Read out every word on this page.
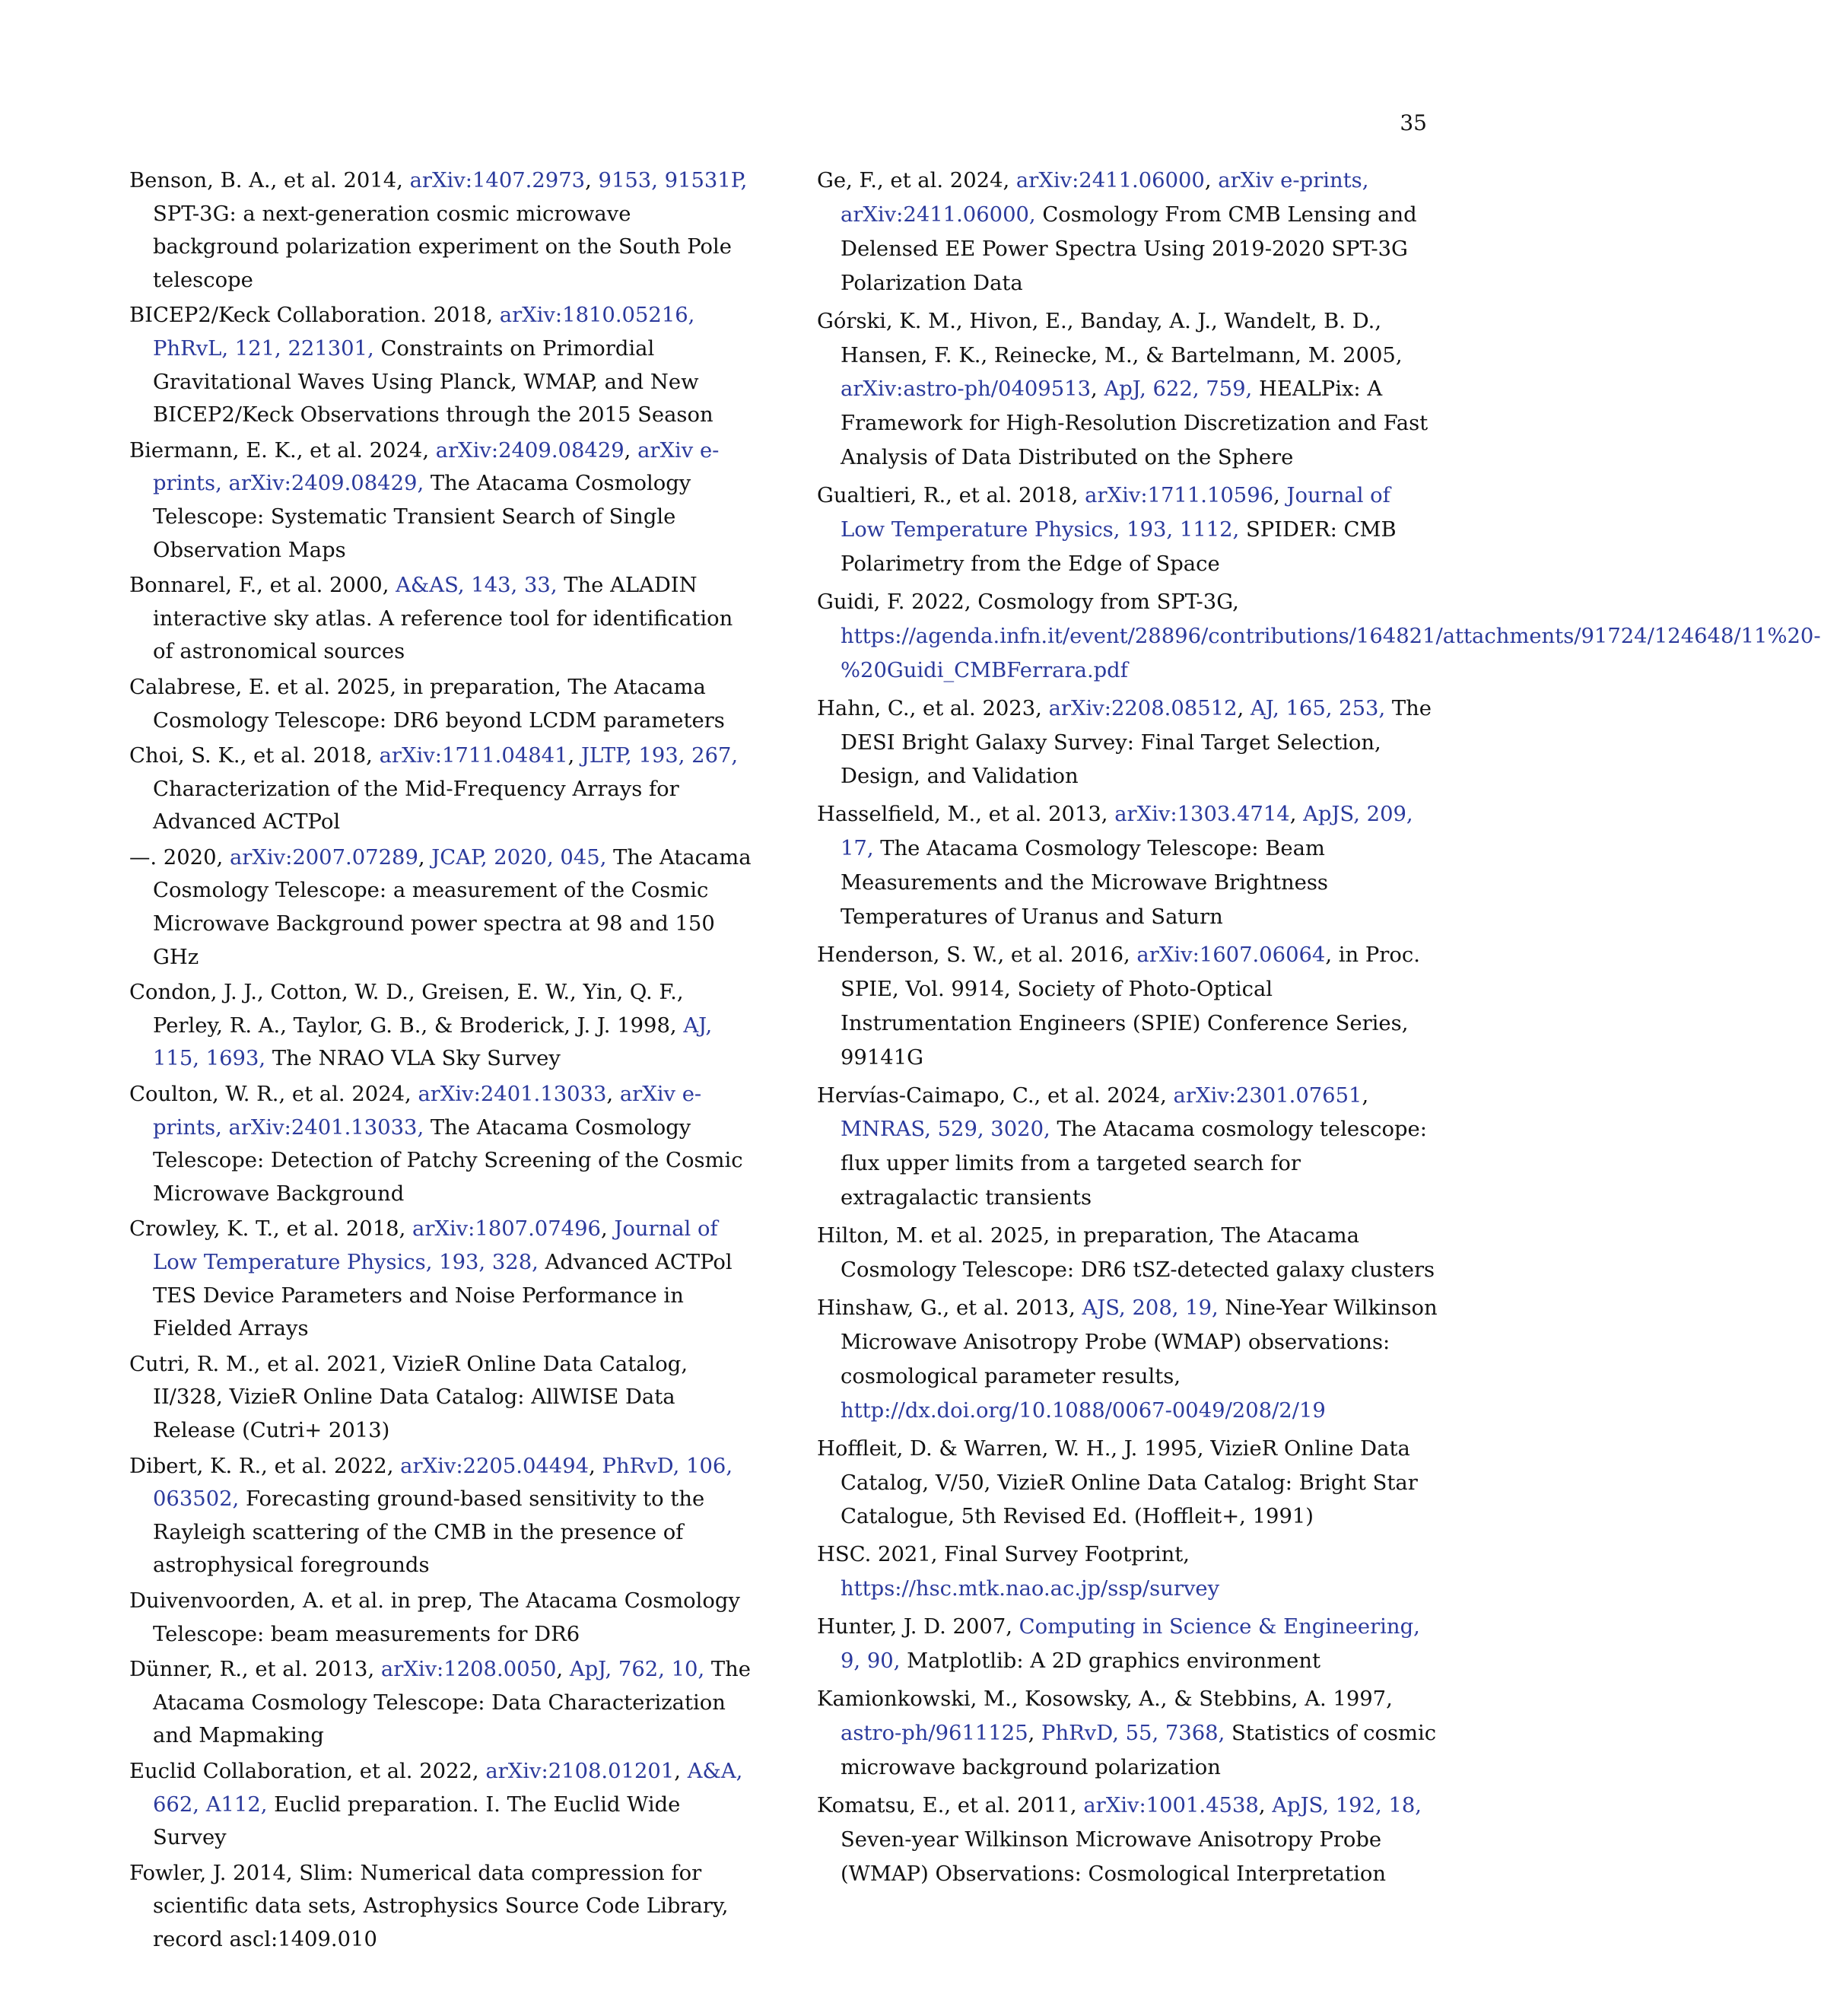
35

Benson, B. A., et al. 2014, arXiv:1407.2973, 9153, 91531P, SPT-3G: a next-generation cosmic microwave background polarization experiment on the South Pole telescope

BICEP2/Keck Collaboration. 2018, arXiv:1810.05216, PhRvL, 121, 221301, Constraints on Primordial Gravitational Waves Using Planck, WMAP, and New BICEP2/Keck Observations through the 2015 Season

Biermann, E. K., et al. 2024, arXiv:2409.08429, arXiv e-prints, arXiv:2409.08429, The Atacama Cosmology Telescope: Systematic Transient Search of Single Observation Maps

Bonnarel, F., et al. 2000, A&AS, 143, 33, The ALADIN interactive sky atlas. A reference tool for identification of astronomical sources

Calabrese, E. et al. 2025, in preparation, The Atacama Cosmology Telescope: DR6 beyond LCDM parameters

Choi, S. K., et al. 2018, arXiv:1711.04841, JLTP, 193, 267, Characterization of the Mid-Frequency Arrays for Advanced ACTPol

—. 2020, arXiv:2007.07289, JCAP, 2020, 045, The Atacama Cosmology Telescope: a measurement of the Cosmic Microwave Background power spectra at 98 and 150 GHz

Condon, J. J., Cotton, W. D., Greisen, E. W., Yin, Q. F., Perley, R. A., Taylor, G. B., & Broderick, J. J. 1998, AJ, 115, 1693, The NRAO VLA Sky Survey

Coulton, W. R., et al. 2024, arXiv:2401.13033, arXiv e-prints, arXiv:2401.13033, The Atacama Cosmology Telescope: Detection of Patchy Screening of the Cosmic Microwave Background

Crowley, K. T., et al. 2018, arXiv:1807.07496, Journal of Low Temperature Physics, 193, 328, Advanced ACTPol TES Device Parameters and Noise Performance in Fielded Arrays

Cutri, R. M., et al. 2021, VizieR Online Data Catalog, II/328, VizieR Online Data Catalog: AllWISE Data Release (Cutri+ 2013)

Dibert, K. R., et al. 2022, arXiv:2205.04494, PhRvD, 106, 063502, Forecasting ground-based sensitivity to the Rayleigh scattering of the CMB in the presence of astrophysical foregrounds

Duivenvoorden, A. et al. in prep, The Atacama Cosmology Telescope: beam measurements for DR6

Dünner, R., et al. 2013, arXiv:1208.0050, ApJ, 762, 10, The Atacama Cosmology Telescope: Data Characterization and Mapmaking

Euclid Collaboration, et al. 2022, arXiv:2108.01201, A&A, 662, A112, Euclid preparation. I. The Euclid Wide Survey

Fowler, J. 2014, Slim: Numerical data compression for scientific data sets, Astrophysics Source Code Library, record ascl:1409.010

Ge, F., et al. 2024, arXiv:2411.06000, arXiv e-prints, arXiv:2411.06000, Cosmology From CMB Lensing and Delensed EE Power Spectra Using 2019-2020 SPT-3G Polarization Data

Górski, K. M., Hivon, E., Banday, A. J., Wandelt, B. D., Hansen, F. K., Reinecke, M., & Bartelmann, M. 2005, arXiv:astro-ph/0409513, ApJ, 622, 759, HEALPix: A Framework for High-Resolution Discretization and Fast Analysis of Data Distributed on the Sphere

Gualtieri, R., et al. 2018, arXiv:1711.10596, Journal of Low Temperature Physics, 193, 1112, SPIDER: CMB Polarimetry from the Edge of Space

Guidi, F. 2022, Cosmology from SPT-3G, https://agenda.infn.it/event/28896/contributions/164821/attachments/91724/124648/11%20-%20Guidi_CMBFerrara.pdf

Hahn, C., et al. 2023, arXiv:2208.08512, AJ, 165, 253, The DESI Bright Galaxy Survey: Final Target Selection, Design, and Validation

Hasselfield, M., et al. 2013, arXiv:1303.4714, ApJS, 209, 17, The Atacama Cosmology Telescope: Beam Measurements and the Microwave Brightness Temperatures of Uranus and Saturn

Henderson, S. W., et al. 2016, arXiv:1607.06064, in Proc. SPIE, Vol. 9914, Society of Photo-Optical Instrumentation Engineers (SPIE) Conference Series, 99141G

Hervías-Caimapo, C., et al. 2024, arXiv:2301.07651, MNRAS, 529, 3020, The Atacama cosmology telescope: flux upper limits from a targeted search for extragalactic transients

Hilton, M. et al. 2025, in preparation, The Atacama Cosmology Telescope: DR6 tSZ-detected galaxy clusters

Hinshaw, G., et al. 2013, AJS, 208, 19, Nine-Year Wilkinson Microwave Anisotropy Probe (WMAP) observations: cosmological parameter results, http://dx.doi.org/10.1088/0067-0049/208/2/19

Hoffleit, D. & Warren, W. H., J. 1995, VizieR Online Data Catalog, V/50, VizieR Online Data Catalog: Bright Star Catalogue, 5th Revised Ed. (Hoffleit+, 1991)

HSC. 2021, Final Survey Footprint, https://hsc.mtk.nao.ac.jp/ssp/survey

Hunter, J. D. 2007, Computing in Science & Engineering, 9, 90, Matplotlib: A 2D graphics environment

Kamionkowski, M., Kosowsky, A., & Stebbins, A. 1997, astro-ph/9611125, PhRvD, 55, 7368, Statistics of cosmic microwave background polarization

Komatsu, E., et al. 2011, arXiv:1001.4538, ApJS, 192, 18, Seven-year Wilkinson Microwave Anisotropy Probe (WMAP) Observations: Cosmological Interpretation
